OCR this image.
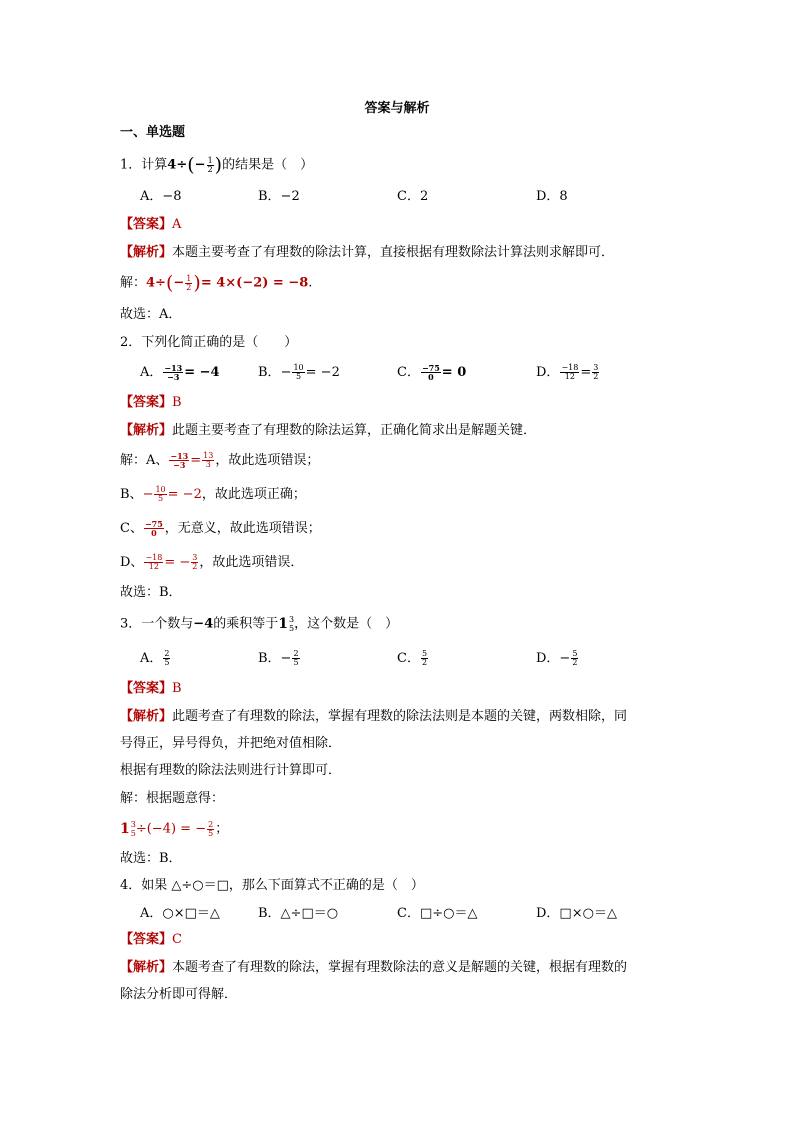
答案与解析
一、单选题
1．计算$4\div(- \frac{1}{2}$ )的结果是（　）
A．−8	B．−2	C．2	D．8
【答案】A
【解析】本题主要考查了有理数的除法计算，直接根据有理数除法计算法则求解即可．
解：$4\div(- \frac{1}{2}$ )= 4×(−2) = −8.
故选：A．
2．下列化简正确的是（　　）
A． $\frac{-13}{-3} = -4$	B．− $\frac{10}{5} = -2$	C． $\frac{-75}{0} = 0$	D． $\frac{-18}{12} = \frac{3}{2}$
【答案】B
【解析】此题主要考查了有理数的除法运算，正确化简求出是解题关键．
解：A、 $\frac{-13}{-3} = \frac{13}{3}$ ，故此选项错误；
B、− $\frac{10}{5} = -2$，故此选项正确；
C、 $\frac{-75}{0}$ ，无意义，故此选项错误；
D、 $\frac{-18}{12}$ = − $\frac{3}{2}$ ，故此选项错误．
故选：B．
3．一个数与−4的乘积等于 1 3
5 ，这个数是（　）
A． $\frac{2}{5}$	B．− $\frac{2}{5}$	C． $\frac{5}{2}$	D．− $\frac{5}{2}$
【答案】B
【解析】此题考查了有理数的除法，掌握有理数的除法法则是本题的关键，两数相除，同
号得正，异号得负，并把绝对值相除．
根据有理数的除法法则进行计算即可．
解：根据题意得：
1 3
5 ÷(−4) = − $\frac{2}{5}$ ；
故选：B．
4．如果 △÷○＝□，那么下面算式不正确的是（　）
A．○×□＝△	B．△÷□＝○	C．□÷○＝△	D．□×○＝△
【答案】C
【解析】本题考查了有理数的除法，掌握有理数除法的意义是解题的关键，根据有理数的
除法分析即可得解．
